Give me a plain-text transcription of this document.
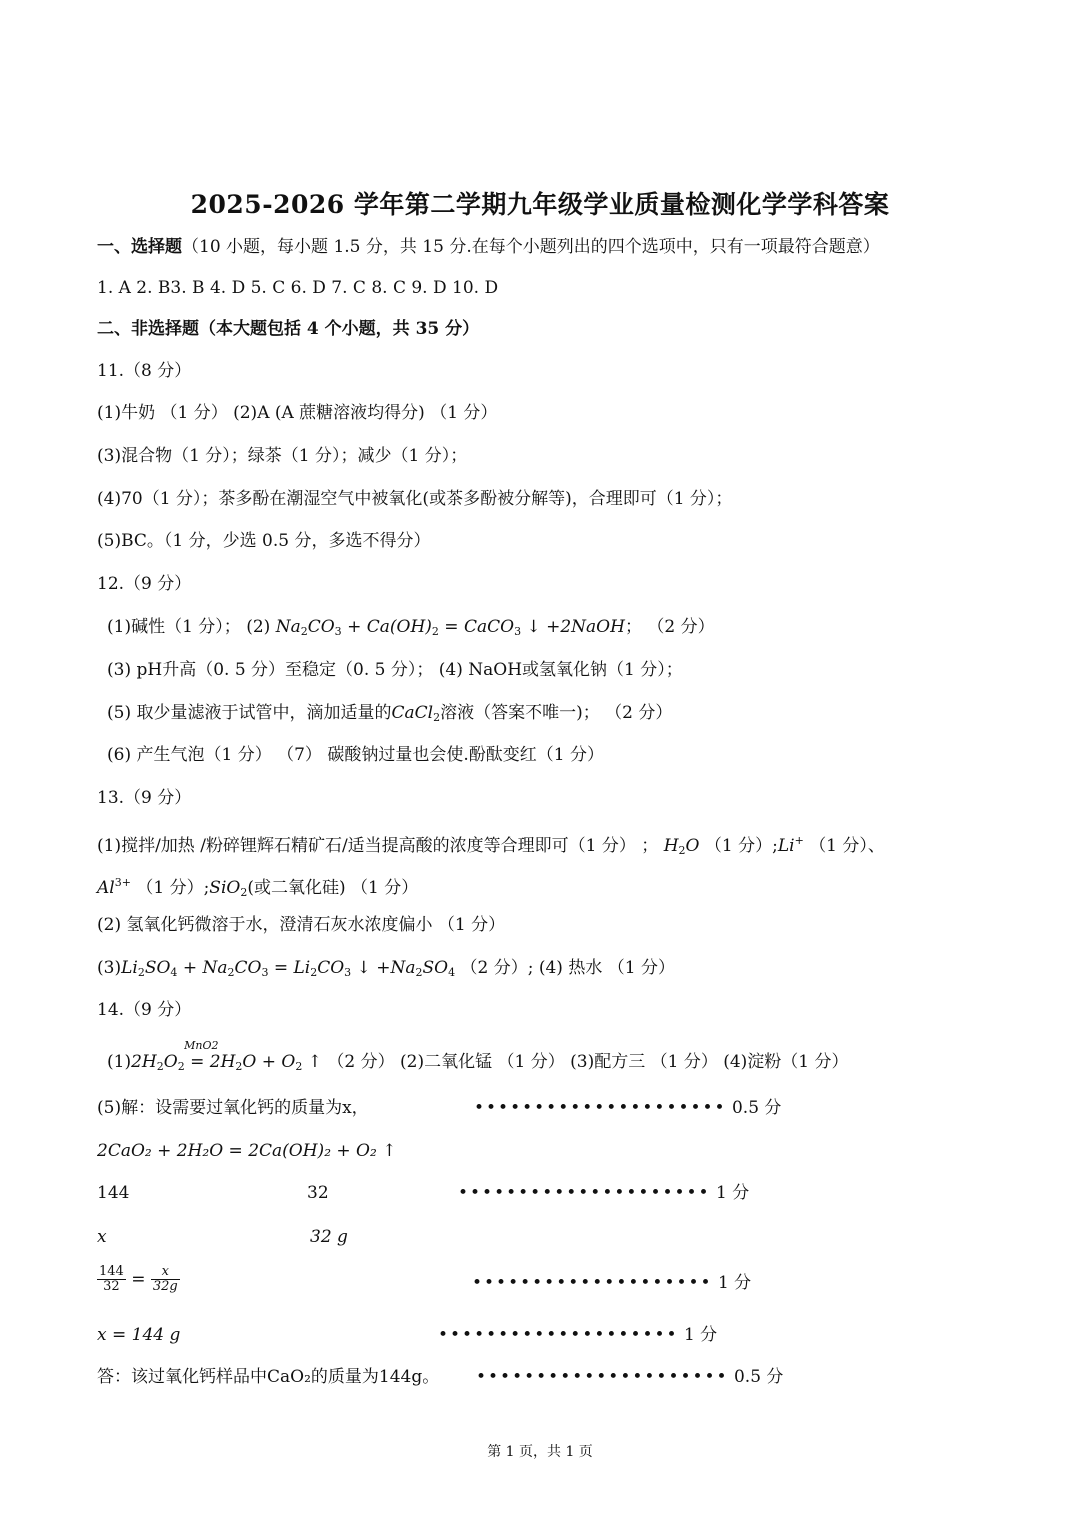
2025-2026 学年第二学期九年级学业质量检测化学学科答案
一、选择题（10 小题，每小题 1.5 分，共 15 分.在每个小题列出的四个选项中，只有一项最符合题意）
1. A 2. B3. B 4. D 5. C 6. D 7. C 8. C 9. D 10. D
二、非选择题（本大题包括 4 个小题，共 35 分）
11.（8 分）
(1)牛奶 （1 分） (2)A (A 蔗糖溶液均得分) （1 分）
(3)混合物（1 分）；绿茶（1 分）；减少（1 分）；
(4)70（1 分）；茶多酚在潮湿空气中被氧化(或茶多酚被分解等)，合理即可（1 分）；
(5)BC。（1 分，少选 0.5 分，多选不得分）
12.（9 分）
(1)碱性（1 分）； (2) $Na_2CO_3 + Ca(OH)_2$ = CaCO$_3$ ↓ +2NaOH； （2 分）
(3) pH升高（0. 5 分）至稳定（0. 5 分）； (4) NaOH或氢氧化钠（1 分）；
(5) 取少量滤液于试管中，滴加适量的CaCl$_2$溶液（答案不唯一)； （2 分）
(6) 产生气泡（1 分） （7） 碳酸钠过量也会使.酚酞变红（1 分）
13.（9 分）
(1)搅拌/加热 /粉碎锂辉石精矿石/适当提高酸的浓度等合理即可（1 分） ； $H_2O$ （1 分）;Li+ （1 分）、
$Al^{3+}$ （1 分）;SiO$_2$(或二氧化硅) （1 分）
(2) 氢氧化钙微溶于水，澄清石灰水浓度偏小 （1 分）
$(3)Li_2SO_4 + Na_2CO_3 = Li_2CO_3$ ↓ $+Na_2SO_4$ （2 分）; (4) 热水 （1 分）
14.（9 分）
$(1)2H_2O_2$
MnO2
= $2H_2O + O_2$ ↑ （2 分） (2)二氧化锰 （1 分） (3)配方三 （1 分） (4)淀粉（1 分）
(5)解：设需要过氧化钙的质量为x，	••••••••••••••••••••• 0.5 分
2CaO₂ + 2H₂O = 2Ca(OH)₂ + O₂ ↑
144	32	••••••••••••••••••••• 1 分
x	32 g
$\frac{144}{32} = \frac{x}{32g}$	•••••••••••••••••••• 1 分
x = 144 g	•••••••••••••••••••• 1 分
答：该过氧化钙样品中CaO₂的质量为144g。 ••••••••••••••••••••• 0.5 分
第 1 页，共 1 页
